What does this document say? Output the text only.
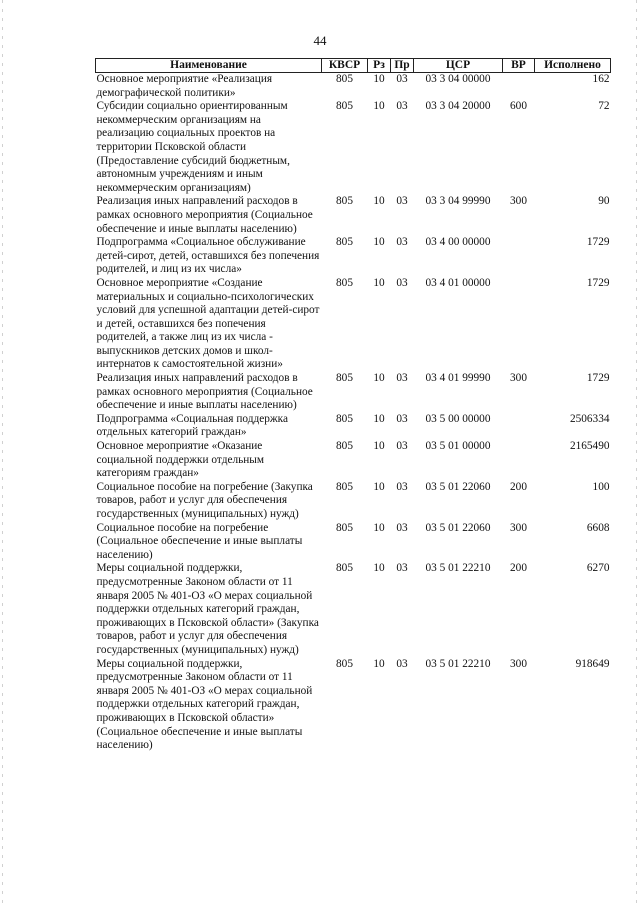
44
Наименование	КВСР	Рз	Пр	ЦСР	ВР	Исполнено
Основное мероприятие «Реализация демографической политики»	805	10	03	03 3 04 00000		162
Субсидии социально ориентированным некоммерческим организациям на реализацию социальных проектов на территории Псковской области (Предоставление субсидий бюджетным, автономным учреждениям и иным некоммерческим организациям)	805	10	03	03 3 04 20000	600	72
Реализация иных направлений расходов в рамках основного мероприятия (Социальное обеспечение и иные выплаты населению)	805	10	03	03 3 04 99990	300	90
Подпрограмма «Социальное обслуживание детей-сирот, детей, оставшихся без попечения родителей, и лиц из их числа»	805	10	03	03 4 00 00000		1729
Основное мероприятие «Создание материальных и социально-психологических условий для успешной адаптации детей-сирот и детей, оставшихся без попечения родителей, а также лиц из их числа - выпускников детских домов и школ-интернатов к самостоятельной жизни»	805	10	03	03 4 01 00000		1729
Реализация иных направлений расходов в рамках основного мероприятия (Социальное обеспечение и иные выплаты населению)	805	10	03	03 4 01 99990	300	1729
Подпрограмма «Социальная поддержка отдельных категорий граждан»	805	10	03	03 5 00 00000		2506334
Основное мероприятие «Оказание социальной поддержки отдельным категориям граждан»	805	10	03	03 5 01 00000		2165490
Социальное пособие на погребение (Закупка товаров, работ и услуг для обеспечения государственных (муниципальных) нужд)	805	10	03	03 5 01 22060	200	100
Социальное пособие на погребение (Социальное обеспечение и иные выплаты населению)	805	10	03	03 5 01 22060	300	6608
Меры социальной поддержки, предусмотренные Законом области от 11 января 2005 № 401-ОЗ «О мерах социальной поддержки отдельных категорий граждан, проживающих в Псковской области» (Закупка товаров, работ и услуг для обеспечения государственных (муниципальных) нужд)	805	10	03	03 5 01 22210	200	6270
Меры социальной поддержки, предусмотренные Законом области от 11 января 2005 № 401-ОЗ «О мерах социальной поддержки отдельных категорий граждан, проживающих в Псковской области» (Социальное обеспечение и иные выплаты населению)	805	10	03	03 5 01 22210	300	918649
